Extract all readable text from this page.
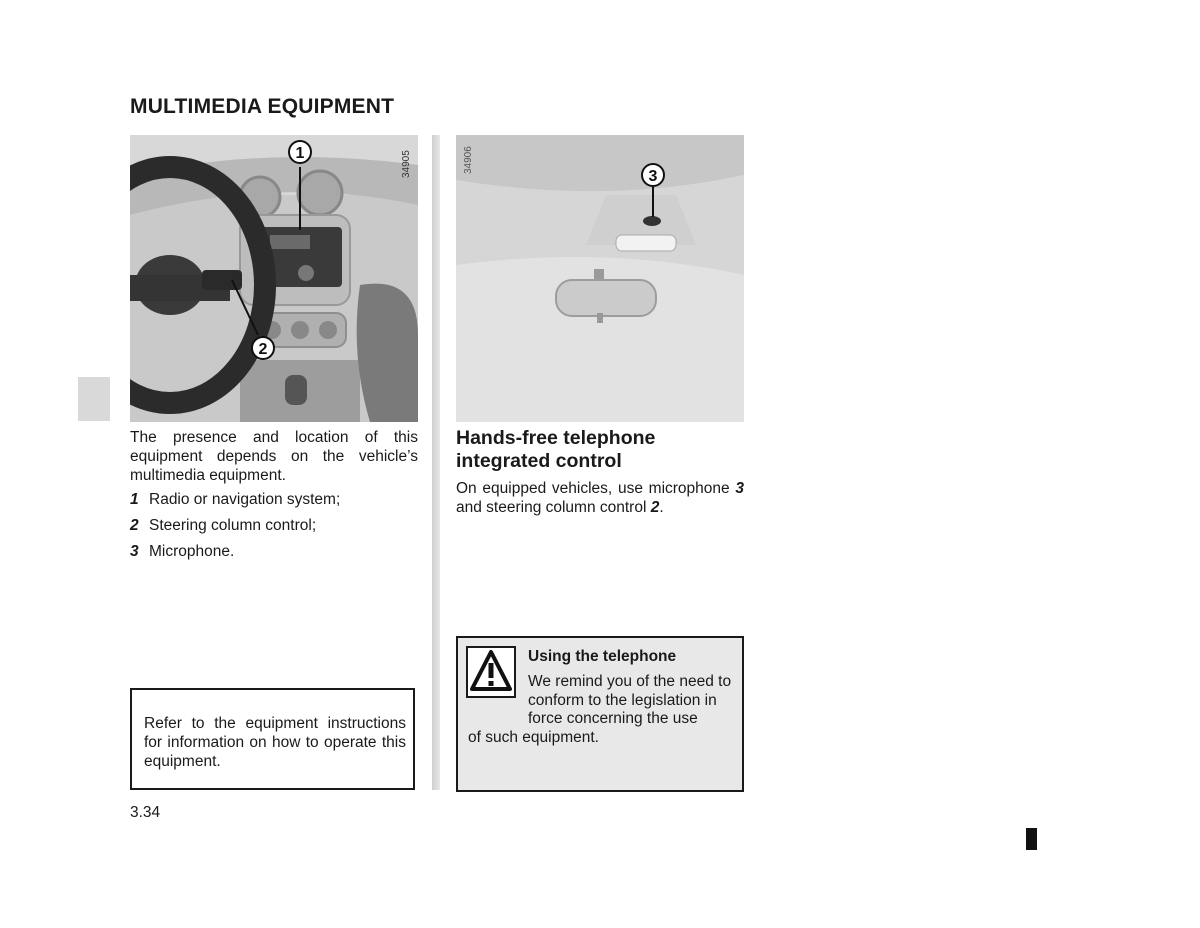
MULTIMEDIA EQUIPMENT
1
2
34905	3
34906
The presence and location of this equipment depends on the vehicle’s multimedia equipment.
1 Radio or navigation system;
2 Steering column control;
3 Microphone.
Refer to the equipment instructions for information on how to operate this equipment.
Hands-free telephone integrated control
On equipped vehicles, use microphone 3 and steering column control 2.
Using the telephone
We remind you of the need to conform to the legislation in force concerning the use
of such equipment.
3.34
